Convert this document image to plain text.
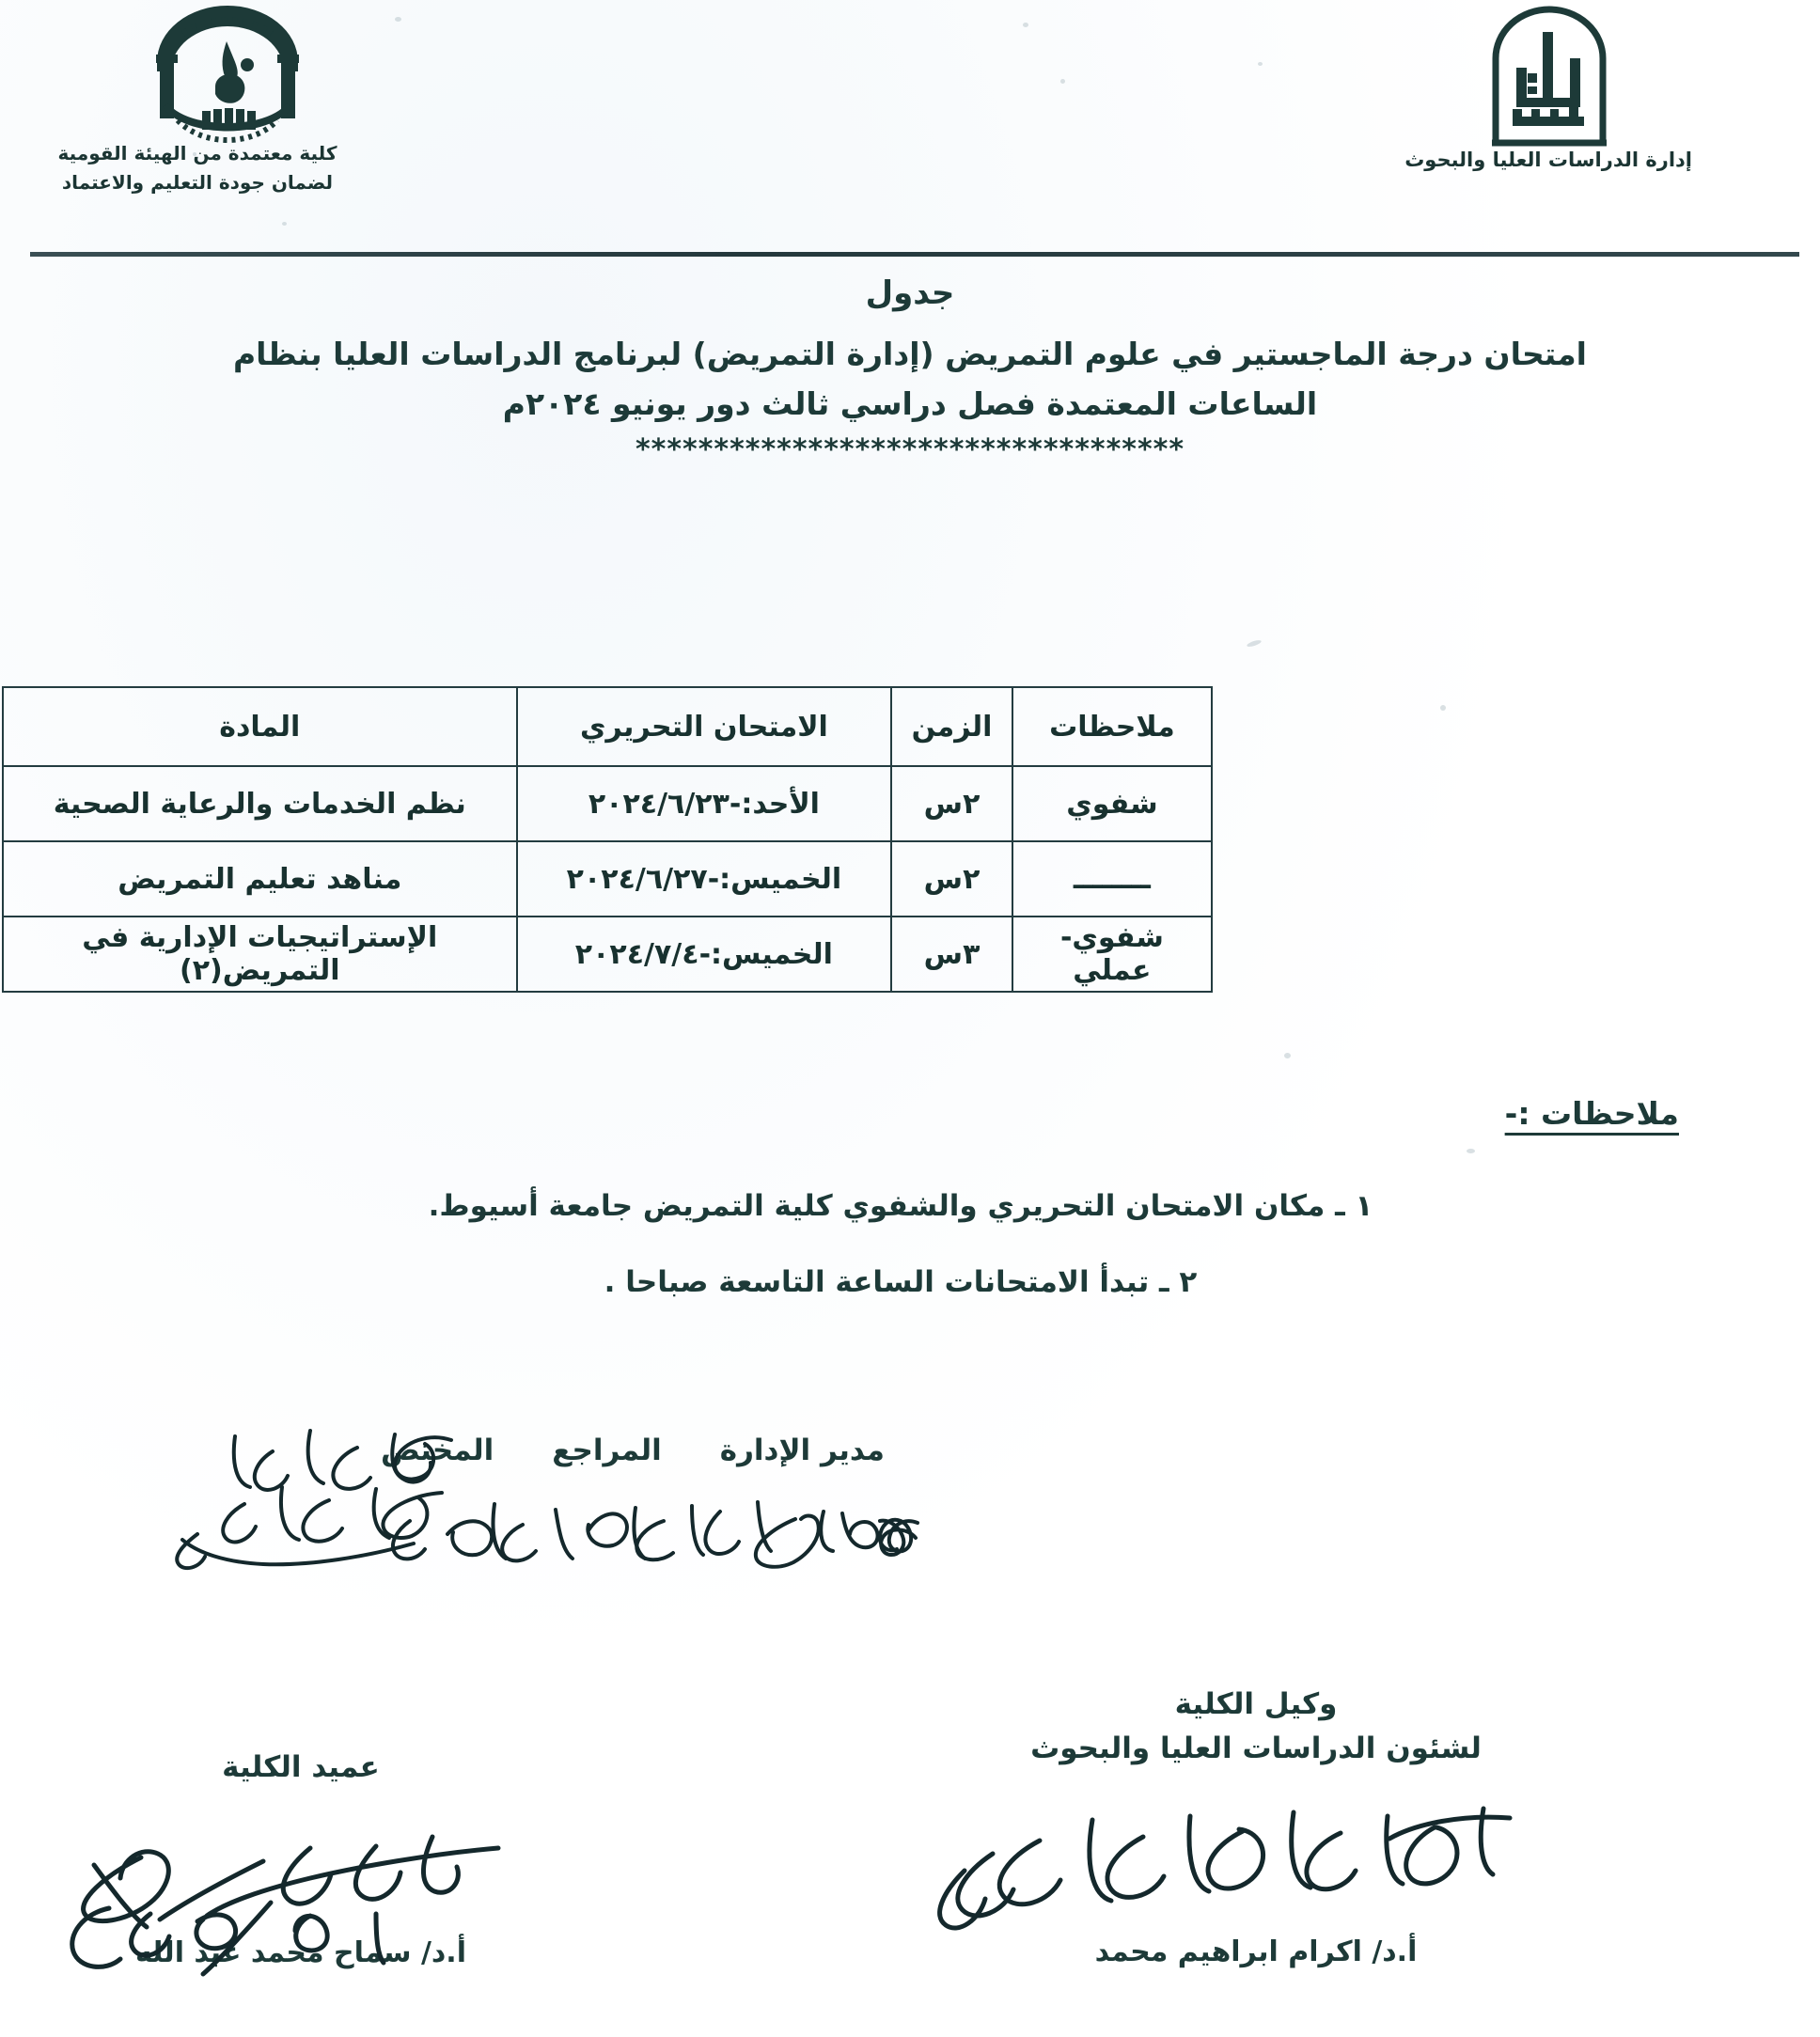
كلية معتمدة من الهيئة القومية
لضمان جودة التعليم والاعتماد
إدارة الدراسات العليا والبحوث
جدول
امتحان درجة الماجستير في علوم التمريض (إدارة التمريض) لبرنامج الدراسات العليا بنظام
الساعات المعتمدة فصل دراسي ثالث دور يونيو ٢٠٢٤م
***********************************
ملاحظات	الزمن	الامتحان التحريري	المادة
شفوي	٢س	الأحد:-٢٠٢٤/٦/٢٣	نظم الخدمات والرعاية الصحية
ــــــــ	٢س	الخميس:-٢٠٢٤/٦/٢٧	مناهد تعليم التمريض
شفوي-عملي	٣س	الخميس:-٢٠٢٤/٧/٤	الإستراتيجيات الإدارية في التمريض(٢)
ملاحظات :-
١ ـ مكان الامتحان التحريري والشفوي كلية التمريض جامعة أسيوط.
٢ ـ تبدأ الامتحانات الساعة التاسعة صباحا .
مدير الإدارة
المراجع
المختص
وكيل الكلية
لشئون الدراسات العليا والبحوث
أ.د/ اكرام ابراهيم محمد
عميد الكلية
أ.د/ سماح محمد عبد الله
